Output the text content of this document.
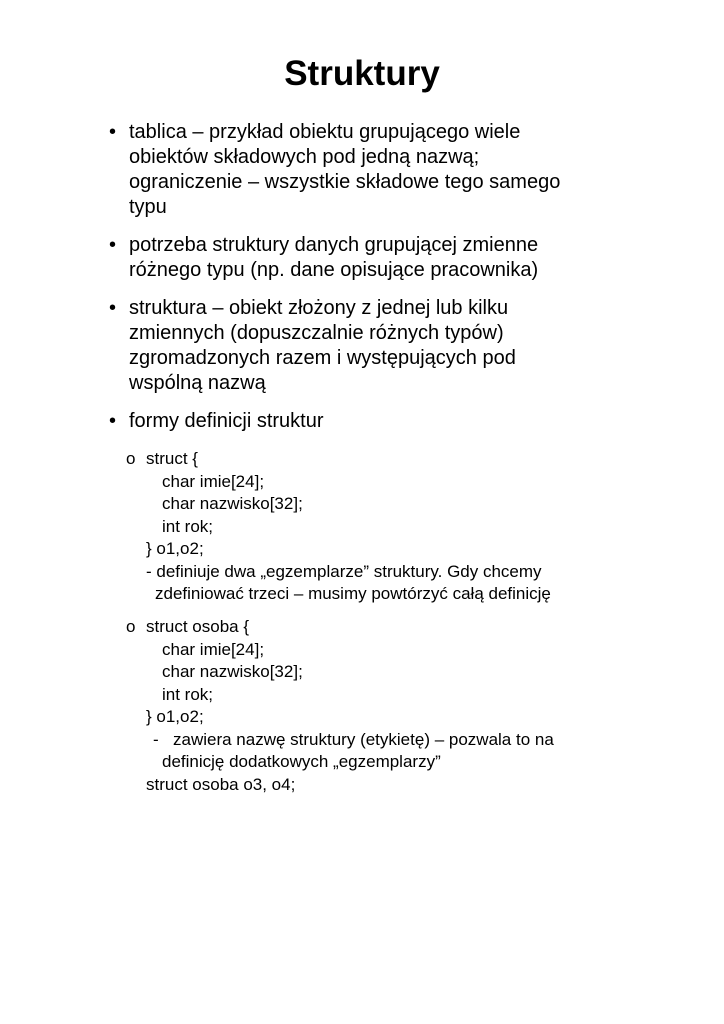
Struktury
• tablica – przykład obiektu grupującego wiele
obiektów składowych pod jedną nazwą;
ograniczenie – wszystkie składowe tego samego
typu
• potrzeba struktury danych grupującej zmienne
różnego typu (np. dane opisujące pracownika)
• struktura – obiekt złożony z jednej lub kilku
zmiennych (dopuszczalnie różnych typów)
zgromadzonych razem i występujących pod
wspólną nazwą
• formy definicji struktur
o struct {
char imie[24];
char nazwisko[32];
int rok;
} o1,o2;
- definiuje dwa „egzemplarze” struktury. Gdy chcemy
zdefiniować trzeci – musimy powtórzyć całą definicję
o struct osoba {
char imie[24];
char nazwisko[32];
int rok;
} o1,o2;
- zawiera nazwę struktury (etykietę) – pozwala to na
definicję dodatkowych „egzemplarzy”
struct osoba o3, o4;
